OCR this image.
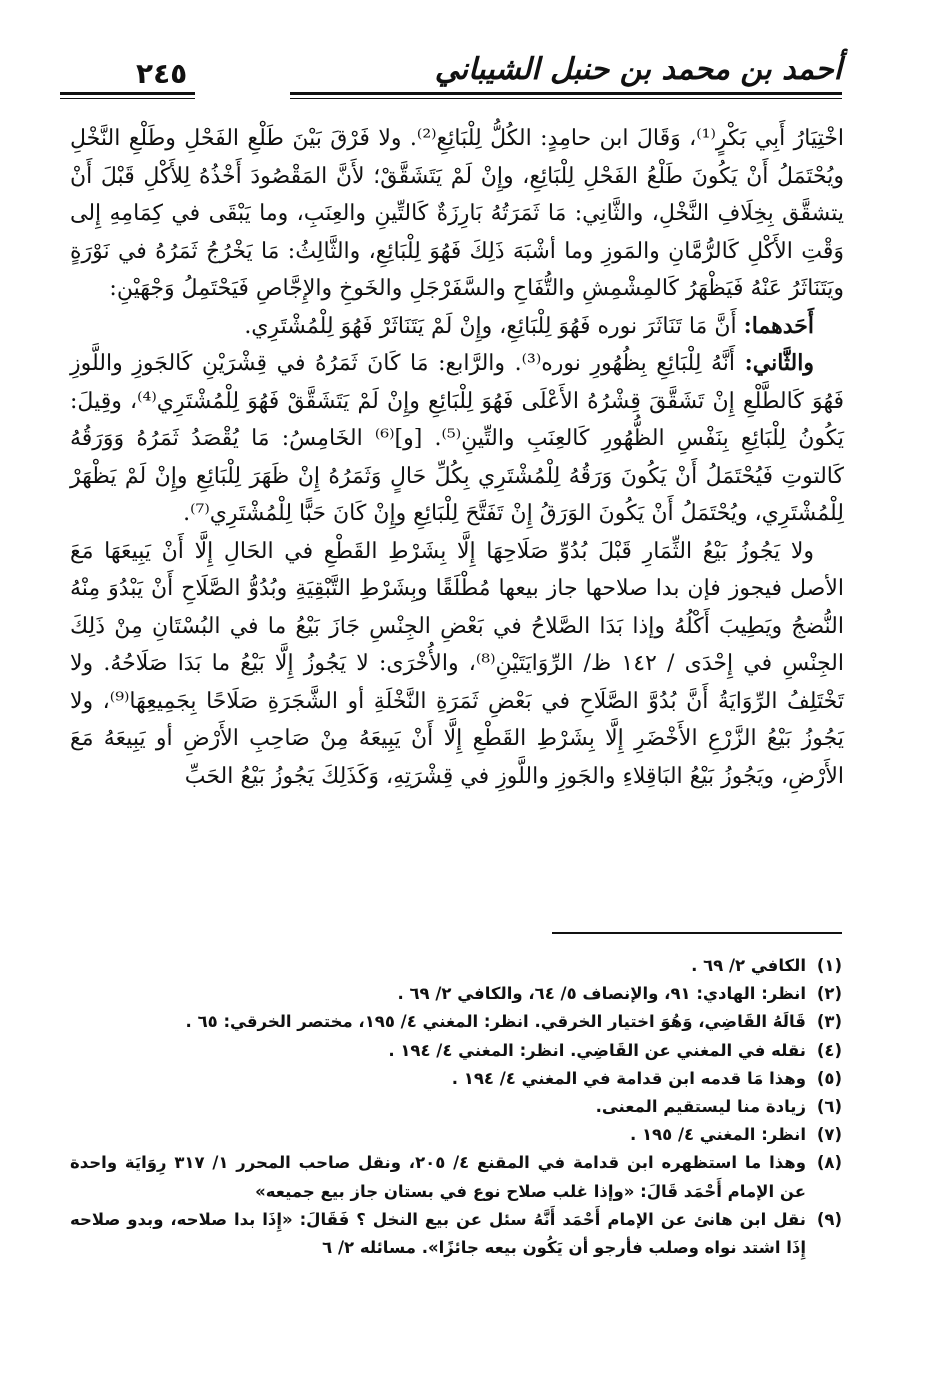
أحمد بن محمد بن حنبل الشيباني
٢٤٥

اخْتِيَارُ أَبِي بَكْرٍ⁽¹⁾، وَقَالَ ابن حامِدٍ: الكُلُّ لِلْبَائِعِ⁽²⁾. ولا فَرْقَ بَيْنَ طَلْعِ الفَحْلِ وطَلْعِ النَّخْلِ ويُحْتَمَلُ أَنْ يَكُونَ طَلْعُ الفَحْلِ لِلْبَائِعِ، وإِنْ لَمْ يَتَشَقَّقْ؛ لأَنَّ المَقْصُودَ أَخْذُهُ لِلأَكْلِ قَبْلَ أَنْ يتشقَّق بِخِلَافِ النَّخْلِ، والثَّانِي: مَا ثَمَرَتُهُ بَارِزَةٌ كَالتِّينِ والعِنَبِ، وما يَبْقَى في كِمَامِهِ إِلى وَقْتِ الأَكْلِ كَالرُّمَّانِ والمَوزِ وما أشْبَهَ ذَلِكَ فَهُوَ لِلْبَائِعِ، والثَّالِثُ: مَا يَخْرُجُ ثَمَرُهُ في نَوْرَةٍ ويَتَنَاثَرُ عَنْهُ فَيَظْهَرُ كَالمِشْمِشِ والتُّفَاحِ والسَّفَرْجَلِ والخَوخِ والإِجَّاصِ فَيَحْتَمِلُ وَجْهَيْنِ:

أَحَدهما: أَنَّ مَا تَنَاثَرَ نوره فَهُوَ لِلْبَائِعِ، وإِنْ لَمْ يَتَنَاثَرْ فَهُوَ لِلْمُشْتَرِي.

والثَّاني: أَنَّهُ لِلْبَائِعِ بِظُهُورِ نوره⁽³⁾. والرَّابع: مَا كَانَ ثَمَرُهُ في قِشْرَيْنِ كَالجَوزِ واللَّوزِ فَهُوَ كَالطَّلْعِ إِنْ تَشَقَّقَ قِشْرُهُ الأَعْلَى فَهُوَ لِلْبَائِعِ وإِنْ لَمْ يَتَشَقَّقْ فَهُوَ لِلْمُشْتَرِي⁽⁴⁾، وقِيلَ: يَكُونُ لِلْبَائِعِ بِنَفْسِ الظُّهُورِ كَالعِنَبِ والتِّينِ⁽⁵⁾. [و]⁽⁶⁾ الخَامِسُ: مَا يُقْصَدُ ثَمَرُهُ وَوَرَقُهُ كَالتوتِ فَيُحْتَمَلُ أَنْ يَكُونَ وَرَقُهُ لِلْمُشْتَرِي بِكُلِّ حَالٍ وَثَمَرُهُ إِنْ ظَهَرَ لِلْبَائِعِ وإِنْ لَمْ يَظْهَرْ لِلْمُشْتَرِي، ويُحْتَمَلُ أَنْ يَكُونَ الوَرَقُ إِنْ تَفَتَّحَ لِلْبَائِعِ وإِنْ كَانَ حَبًّا لِلْمُشْتَرِي⁽⁷⁾.

ولا يَجُوزُ بَيْعُ الثِّمَارِ قَبْلَ بُدُوِّ صَلَاحِهَا إِلَّا بِشَرْطِ القَطْعِ في الحَالِ إِلَّا أَنْ يَبِيعَهَا مَعَ الأصل فيجوز فإن بدا صلاحها جاز بيعها مُطْلَقًا وبِشَرْطِ التَّبْقِيَةِ وبُدُوُّ الصَّلَاحِ أَنْ يَبْدُوَ مِنْهُ النُّضجُ ويَطِيبَ أَكْلُهُ وإذا بَدَا الصَّلاحُ في بَعْضِ الجِنْسِ جَازَ بَيْعُ ما في البُسْتَانِ مِنْ ذَلِكَ الجِنْسِ في إِحْدَى / ١٤٢ ظ/ الرِّوَايَتَيْنِ⁽⁸⁾، والأُخْرَى: لا يَجُوزُ إِلَّا بَيْعُ ما بَدَا صَلَاحُهُ. ولا تَخْتَلِفُ الرِّوَايَةُ أَنَّ بُدُوَّ الصَّلَاحِ في بَعْضِ ثَمَرَةِ النَّخْلَةِ أو الشَّجَرَةِ صَلَاحًا بِجَمِيعِهَا⁽⁹⁾، ولا يَجُوزُ بَيْعُ الزَّرْعِ الأَخْضَرِ إِلَّا بِشَرْطِ القَطْعِ إِلَّا أَنْ يَبِيعَهُ مِنْ صَاحِبِ الأَرْضِ أو يَبِيعَهُ مَعَ الأَرْضِ، ويَجُوزُ بَيْعُ البَاقِلاءِ والجَوزِ واللَّوزِ في قِشْرَتِهِ، وَكَذَلِكَ يَجُوزُ بَيْعُ الحَبِّ

(١)
الكافي ٢/ ٦٩ .

(٢)
انظر: الهادي: ٩١، والإنصاف ٥/ ٦٤، والكافي ٢/ ٦٩ .

(٣)
قَالَهُ القَاضِي، وَهُوَ اختيار الخرقي. انظر: المغني ٤/ ١٩٥، مختصر الخرقي: ٦٥ .

(٤)
نقله في المغني عن القَاضِي. انظر: المغني ٤/ ١٩٤ .

(٥)
وهذا مَا قدمه ابن قدامة في المغني ٤/ ١٩٤ .

(٦)
زيادة منا ليستقيم المعنى.

(٧)
انظر: المغني ٤/ ١٩٥ .

(٨)
وهذا ما استظهره ابن قدامة في المقنع ٤/ ٢٠٥، ونقل صاحب المحرر ١/ ٣١٧ رِوَايَة واحدة عن الإمام أَحْمَد قَالَ: «وإذا غلب صلاح نوع في بستان جاز بيع جميعه»

(٩)
نقل ابن هانئ عن الإمام أَحْمَد أَنَّهُ سئل عن بيع النخل ؟ فَقَالَ: «إِذَا بدا صلاحه، وبدو صلاحه إِذَا اشتد نواه وصلب فأرجو أن يَكُون بيعه جائزًا». مسائله ٢/ ٦
